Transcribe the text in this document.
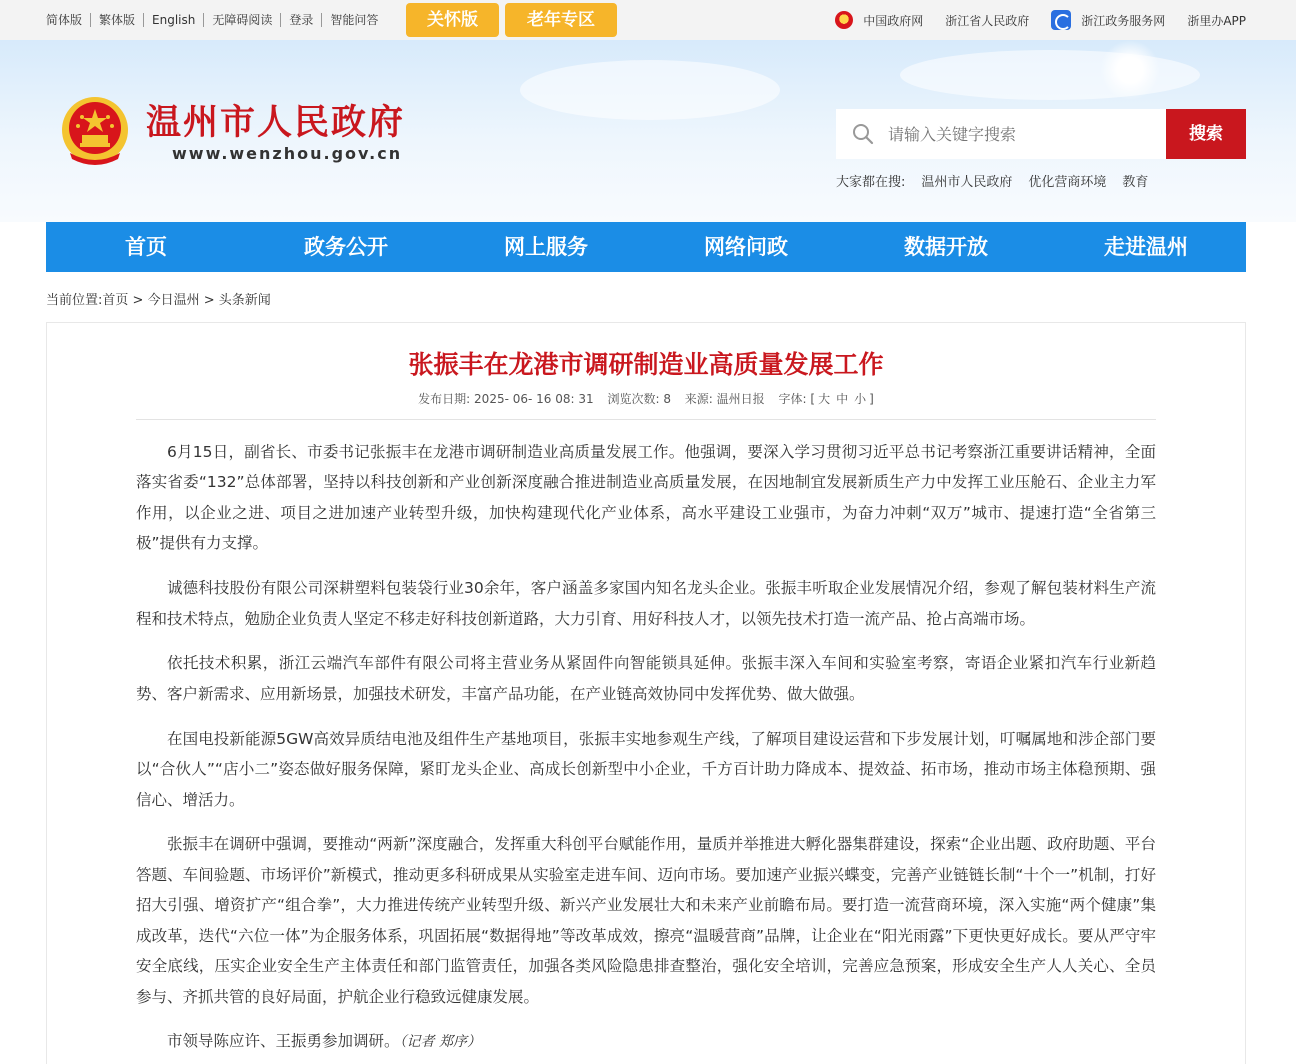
简体版	繁体版	English	无障碍阅读	登录	智能问答	关怀版	老年专区	中国政府网 浙江省人民政府	浙江政务服务网 浙里办APP
温州市人民政府
www.wenzhou.gov.cn
请输入关键字搜索
搜索
大家都在搜: 温州市人民政府 优化营商环境 教育
首页	政务公开	网上服务	网络问政	数据开放	走进温州
当前位置:首页 > 今日温州 > 头条新闻
张振丰在龙港市调研制造业高质量发展工作
发布日期: 2025- 06- 16 08: 31 浏览次数: 8 来源: 温州日报 字体: [ 大 中 小 ]

6月15日，副省长、市委书记张振丰在龙港市调研制造业高质量发展工作。他强调，要深入学习贯彻习近平总书记考察浙江重要讲话精神，全面落实省委“132”总体部署，坚持以科技创新和产业创新深度融合推进制造业高质量发展，在因地制宜发展新质生产力中发挥工业压舱石、企业主力军作用，以企业之进、项目之进加速产业转型升级，加快构建现代化产业体系，高水平建设工业强市，为奋力冲刺“双万”城市、提速打造“全省第三极”提供有力支撑。

诚德科技股份有限公司深耕塑料包装袋行业30余年，客户涵盖多家国内知名龙头企业。张振丰听取企业发展情况介绍，参观了解包装材料生产流程和技术特点，勉励企业负责人坚定不移走好科技创新道路，大力引育、用好科技人才，以领先技术打造一流产品、抢占高端市场。

依托技术积累，浙江云端汽车部件有限公司将主营业务从紧固件向智能锁具延伸。张振丰深入车间和实验室考察，寄语企业紧扣汽车行业新趋势、客户新需求、应用新场景，加强技术研发，丰富产品功能，在产业链高效协同中发挥优势、做大做强。

在国电投新能源5GW高效异质结电池及组件生产基地项目，张振丰实地参观生产线，了解项目建设运营和下步发展计划，叮嘱属地和涉企部门要以“合伙人”“店小二”姿态做好服务保障，紧盯龙头企业、高成长创新型中小企业，千方百计助力降成本、提效益、拓市场，推动市场主体稳预期、强信心、增活力。

张振丰在调研中强调，要推动“两新”深度融合，发挥重大科创平台赋能作用，量质并举推进大孵化器集群建设，探索“企业出题、政府助题、平台答题、车间验题、市场评价”新模式，推动更多科研成果从实验室走进车间、迈向市场。要加速产业振兴蝶变，完善产业链链长制“十个一”机制，打好招大引强、增资扩产“组合拳”，大力推进传统产业转型升级、新兴产业发展壮大和未来产业前瞻布局。要打造一流营商环境，深入实施“两个健康”集成改革，迭代“六位一体”为企服务体系，巩固拓展“数据得地”等改革成效，擦亮“温暖营商”品牌，让企业在“阳光雨露”下更快更好成长。要从严守牢安全底线，压实企业安全生产主体责任和部门监管责任，加强各类风险隐患排查整治，强化安全培训，完善应急预案，形成安全生产人人关心、全员参与、齐抓共管的良好局面，护航企业行稳致远健康发展。

市领导陈应许、王振勇参加调研。（记者 郑序）
